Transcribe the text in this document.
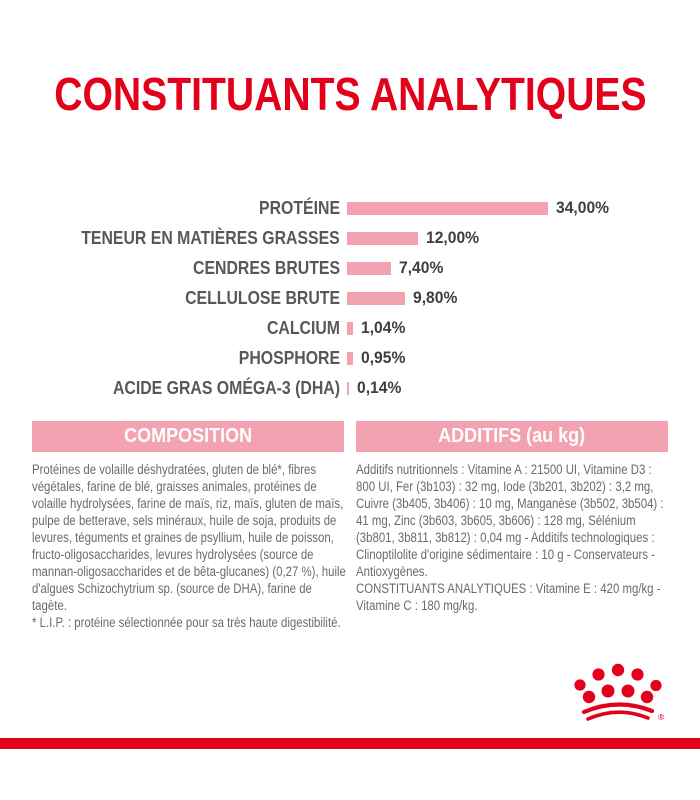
CONSTITUANTS ANALYTIQUES
PROTÉINE	34,00%
TENEUR EN MATIÈRES GRASSES	12,00%
CENDRES BRUTES	7,40%
CELLULOSE BRUTE	9,80%
CALCIUM 1,04%
PHOSPHORE 0,95%
ACIDE GRAS OMÉGA-3 (DHA) 0,14%
COMPOSITION	ADDITIFS (au kg)

Protéines de volaille déshydratées, gluten de blé*, fibres végétales, farine de blé, graisses animales, protéines de volaille hydrolysées, farine de maïs, riz, maïs, gluten de maïs, pulpe de betterave, sels minéraux, huile de soja, produits de levures, téguments et graines de psyllium, huile de poisson, fructo-oligosaccharides, levures hydrolysées (source de mannan-oligosaccharides et de bêta-glucanes) (0,27 %), huile d'algues Schizochytrium sp. (source de DHA), farine de tagète.

* L.I.P. : protéine sélectionnée pour sa très haute digestibilité.

Additifs nutritionnels : Vitamine A : 21500 UI, Vitamine D3 : 800 UI, Fer (3b103) : 32 mg, Iode (3b201, 3b202) : 3,2 mg, Cuivre (3b405, 3b406) : 10 mg, Manganèse (3b502, 3b504) : 41 mg, Zinc (3b603, 3b605, 3b606) : 128 mg, Sélénium (3b801, 3b811, 3b812) : 0,04 mg - Additifs technologiques : Clinoptilolite d'origine sédimentaire : 10 g - Conservateurs - Antioxygènes.

CONSTITUANTS ANALYTIQUES : Vitamine E : 420 mg/kg - Vitamine C : 180 mg/kg.

®
